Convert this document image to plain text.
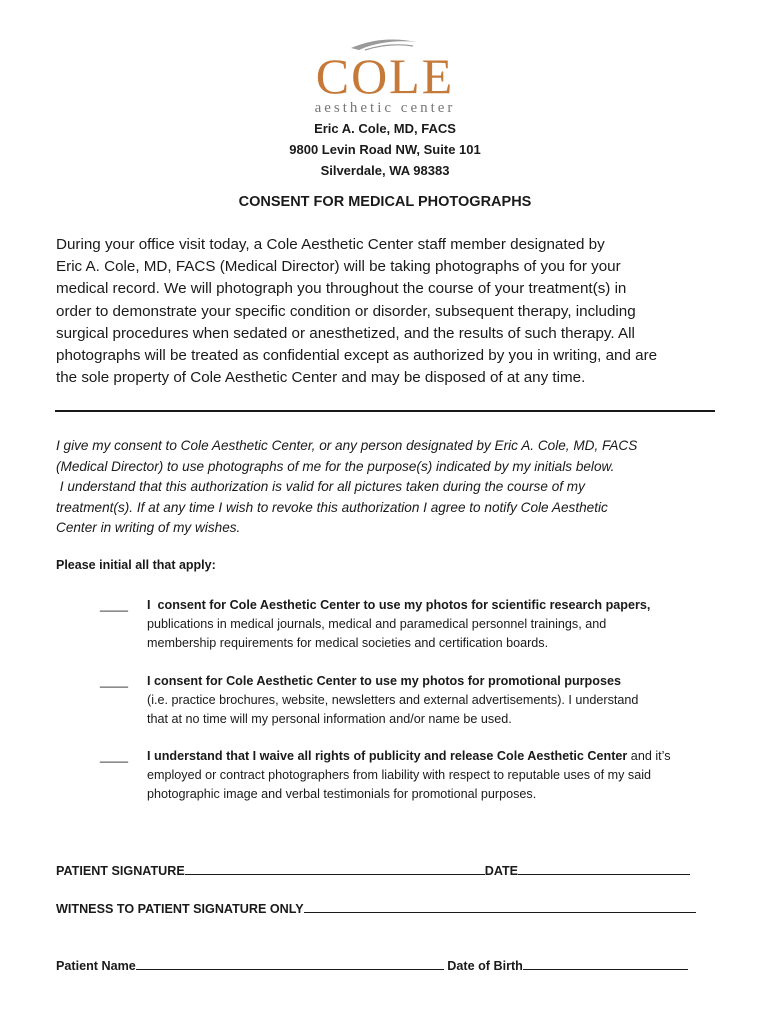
COLE
aesthetic center
Eric A. Cole, MD, FACS
9800 Levin Road NW, Suite 101
Silverdale, WA 98383
CONSENT FOR MEDICAL PHOTOGRAPHS
During your office visit today, a Cole Aesthetic Center staff member designated by
Eric A. Cole, MD, FACS (Medical Director) will be taking photographs of you for your
medical record. We will photograph you throughout the course of your treatment(s) in
order to demonstrate your specific condition or disorder, subsequent therapy, including
surgical procedures when sedated or anesthetized, and the results of such therapy. All
photographs will be treated as confidential except as authorized by you in writing, and are
the sole property of Cole Aesthetic Center and may be disposed of at any time.
I give my consent to Cole Aesthetic Center, or any person designated by Eric A. Cole, MD, FACS
(Medical Director) to use photographs of me for the purpose(s) indicated by my initials below.
I understand that this authorization is valid for all pictures taken during the course of my
treatment(s). If at any time I wish to revoke this authorization I agree to notify Cole Aesthetic
Center in writing of my wishes.
Please initial all that apply:
____ I  consent for Cole Aesthetic Center to use my photos for scientific research papers,
publications in medical journals, medical and paramedical personnel trainings, and
membership requirements for medical societies and certification boards.
____ I consent for Cole Aesthetic Center to use my photos for promotional purposes
(i.e. practice brochures, website, newsletters and external advertisements). I understand
that at no time will my personal information and/or name be used.
____ I understand that I waive all rights of publicity and release Cole Aesthetic Center and it’s
employed or contract photographers from liability with respect to reputable uses of my said
photographic image and verbal testimonials for promotional purposes.
PATIENT SIGNATURE	DATE
WITNESS TO PATIENT SIGNATURE ONLY
Patient Name	Date of Birth
